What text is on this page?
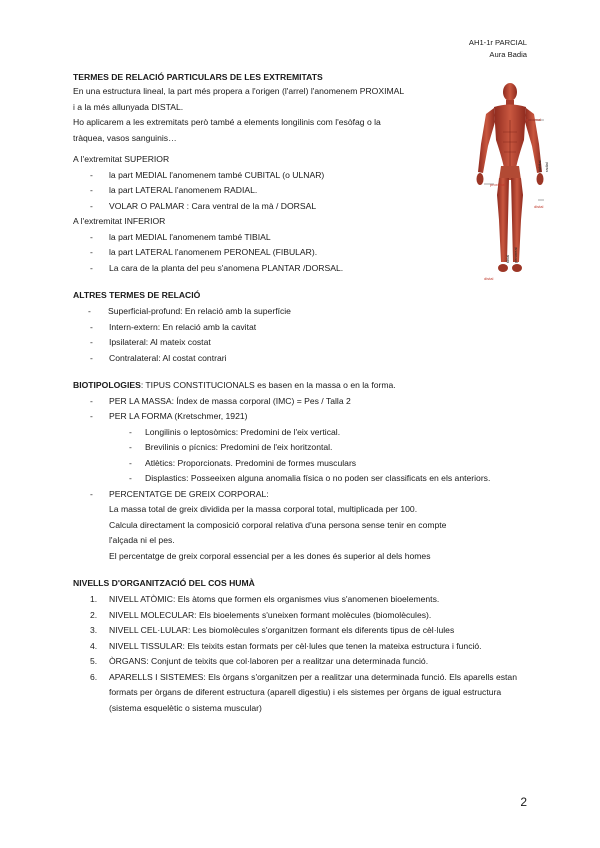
AH1-1r PARCIAL
Aura Badia
proximal
proximal
distal
distal
cubital radial
tibial peroneal
TERMES DE RELACIÓ PARTICULARS DE LES EXTREMITATS

En una estructura lineal, la part més propera a l'origen (l'arrel) l'anomenem PROXIMAL

i a la més allunyada DISTAL.

Ho aplicarem a les extremitats però també a elements longilinis com l'esòfag o la

tràquea, vasos sanguinis…

A l'extremitat SUPERIOR

- la part MEDIAL l'anomenem també CUBITAL (o ULNAR)
- la part LATERAL l'anomenem RADIAL.
- VOLAR O PALMAR : Cara ventral de la mà / DORSAL

A l'extremitat INFERIOR

- la part MEDIAL l'anomenem també TIBIAL
- la part LATERAL l'anomenem PERONEAL (FIBULAR).
- La cara de la planta del peu s'anomena PLANTAR /DORSAL.
ALTRES TERMES DE RELACIÓ
- Superficial-profund: En relació amb la superfície
- Intern-extern: En relació amb la cavitat
- Ipsilateral: Al mateix costat
- Contralateral: Al costat contrari

BIOTIPOLOGIES: TIPUS CONSTITUCIONALS es basen en la massa o en la forma.

- PER LA MASSA: Índex de massa corporal (IMC) = Pes / Talla 2
- PER LA FORMA (Kretschmer, 1921)
- Longilinis o leptosòmics: Predomini de l'eix vertical.
- Brevilinis o pícnics: Predomini de l'eix horitzontal.
- Atlètics: Proporcionats. Predomini de formes musculars
- Displastics: Posseeixen alguna anomalia física o no poden ser classificats en els anteriors.
- PERCENTATGE DE GREIX CORPORAL:
La massa total de greix dividida per la massa corporal total, multiplicada per 100.
Calcula directament la composició corporal relativa d'una persona sense tenir en compte
l'alçada ni el pes.
El percentatge de greix corporal essencial per a les dones és superior al dels homes
NIVELLS D'ORGANITZACIÓ DEL COS HUMÀ
1. NIVELL ATÒMIC: Els àtoms que formen els organismes vius s'anomenen bioelements.
2. NIVELL MOLECULAR: Els bioelements s'uneixen formant molècules (biomolècules).
3. NIVELL CEL·LULAR: Les biomolècules s'organitzen formant els diferents tipus de cèl·lules
4. NIVELL TISSULAR: Els teixits estan formats per cèl·lules que tenen la mateixa estructura i funció.
5. ÒRGANS: Conjunt de teixits que col·laboren per a realitzar una determinada funció.
6. APARELLS I SISTEMES: Els òrgans s'organitzen per a realitzar una determinada funció. Els aparells estan formats per òrgans de diferent estructura (aparell digestiu) i els sistemes per òrgans de igual estructura (sistema esquelètic o sistema muscular)
2
